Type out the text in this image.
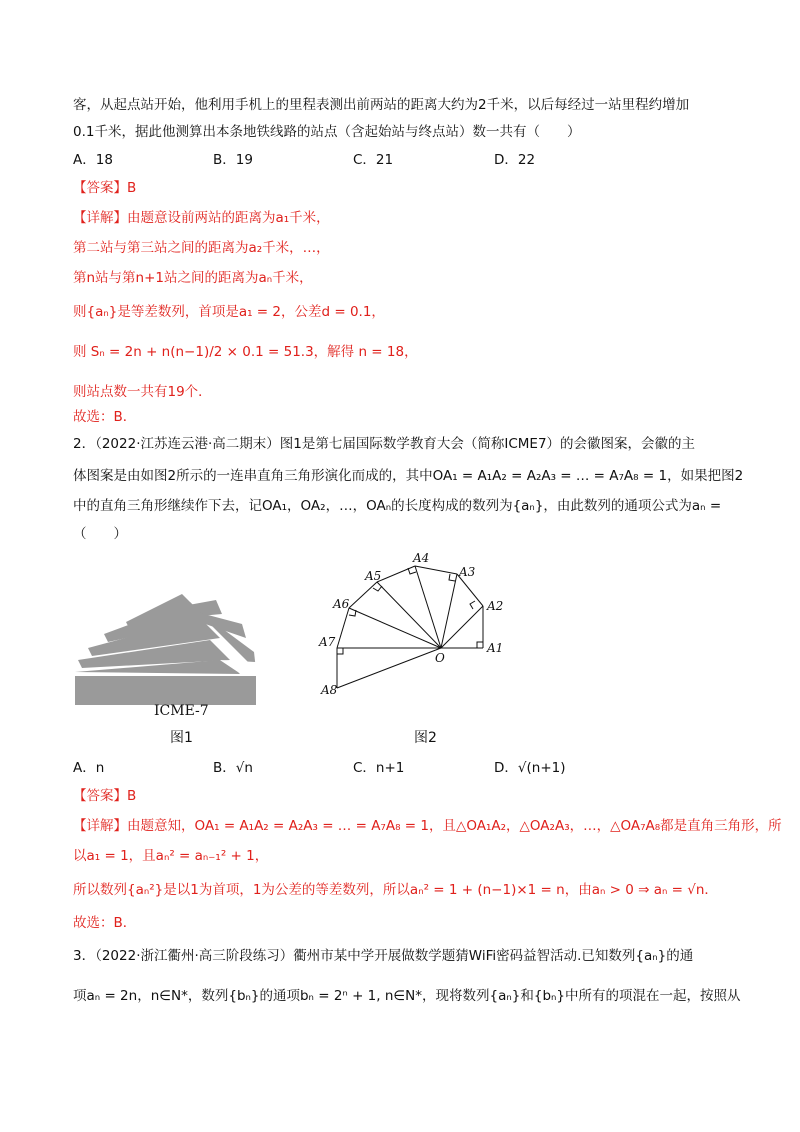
客，从起点站开始，他利用手机上的里程表测出前两站的距离大约为2千米，以后每经过一站里程约增加
0.1千米，据此他测算出本条地铁线路的站点（含起始站与终点站）数一共有（　　）
A．18	B．19	C．21	D．22
【答案】B
【详解】由题意设前两站的距离为a₁千米，
第二站与第三站之间的距离为a₂千米，…，
第n站与第n+1站之间的距离为aₙ千米，
则{aₙ}是等差数列，首项是a₁ = 2，公差d = 0.1，
则 Sₙ = 2n + n(n−1)/2 × 0.1 = 51.3，解得 n = 18，
则站点数一共有19个．
故选：B．
2．（2022·江苏连云港·高二期末）图1是第七届国际数学教育大会（简称ICME7）的会徽图案，会徽的主
体图案是由如图2所示的一连串直角三角形演化而成的，其中OA₁ = A₁A₂ = A₂A₃ = … = A₇A₈ = 1，如果把图2
中的直角三角形继续作下去，记OA₁，OA₂，…，OAₙ的长度构成的数列为{aₙ}，由此数列的通项公式为aₙ =
（　　）
ICME-7
图1
O
A1
A2
A3
A4
A5
A6
A7
A8
图2
A．n	B．√n	C．n+1	D．√(n+1)
【答案】B
【详解】由题意知，OA₁ = A₁A₂ = A₂A₃ = … = A₇A₈ = 1，且△OA₁A₂，△OA₂A₃，…，△OA₇A₈都是直角三角形，所
以a₁ = 1，且aₙ² = aₙ₋₁² + 1，
所以数列{aₙ²}是以1为首项，1为公差的等差数列，所以aₙ² = 1 + (n−1)×1 = n，由aₙ > 0 ⇒ aₙ = √n．
故选：B．
3．（2022·浙江衢州·高三阶段练习）衢州市某中学开展做数学题猜WiFi密码益智活动.已知数列{aₙ}的通
项aₙ = 2n，n∈N*，数列{bₙ}的通项bₙ = 2ⁿ + 1, n∈N*，现将数列{aₙ}和{bₙ}中所有的项混在一起，按照从
